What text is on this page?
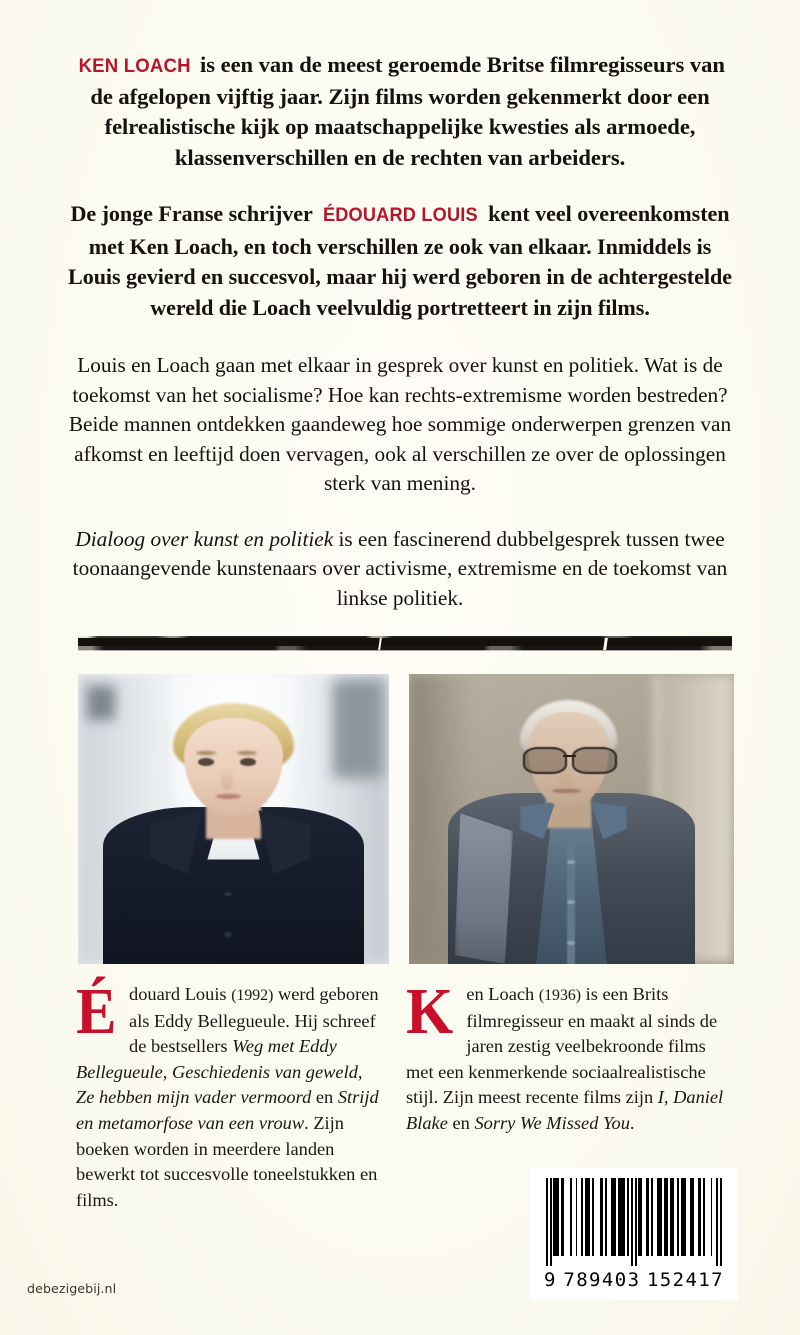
KEN LOACH is een van de meest geroemde Britse filmregisseurs van de afgelopen vijftig jaar. Zijn films worden gekenmerkt door een felrealistische kijk op maatschappelijke kwesties als armoede, klassenverschillen en de rechten van arbeiders.

De jonge Franse schrijver ÉDOUARD LOUIS kent veel overeenkomsten met Ken Loach, en toch verschillen ze ook van elkaar. Inmiddels is Louis gevierd en succesvol, maar hij werd geboren in de achtergestelde wereld die Loach veelvuldig portretteert in zijn films.

Louis en Loach gaan met elkaar in gesprek over kunst en politiek. Wat is de toekomst van het socialisme? Hoe kan rechts-extremisme worden bestreden? Beide mannen ontdekken gaandeweg hoe sommige onderwerpen grenzen van afkomst en leeftijd doen vervagen, ook al verschillen ze over de oplossingen sterk van mening.

Dialoog over kunst en politiek is een fascinerend dubbelgesprek tussen twee toonaangevende kunstenaars over activisme, extremisme en de toekomst van linkse politiek.

Édouard Louis (1992) werd geboren als Eddy Bellegueule. Hij schreef de bestsellers Weg met Eddy Bellegueule, Geschiedenis van geweld, Ze hebben mijn vader vermoord en Strijd en metamorfose van een vrouw. Zijn boeken worden in meerdere landen bewerkt tot succesvolle toneelstukken en films.
Ken Loach (1936) is een Brits filmregisseur en maakt al sinds de jaren zestig veelbekroonde films met een kenmerkende sociaalrealistische stijl. Zijn meest recente films zijn I, Daniel Blake en Sorry We Missed You.
9 789403 152417
debezigebij.nl
